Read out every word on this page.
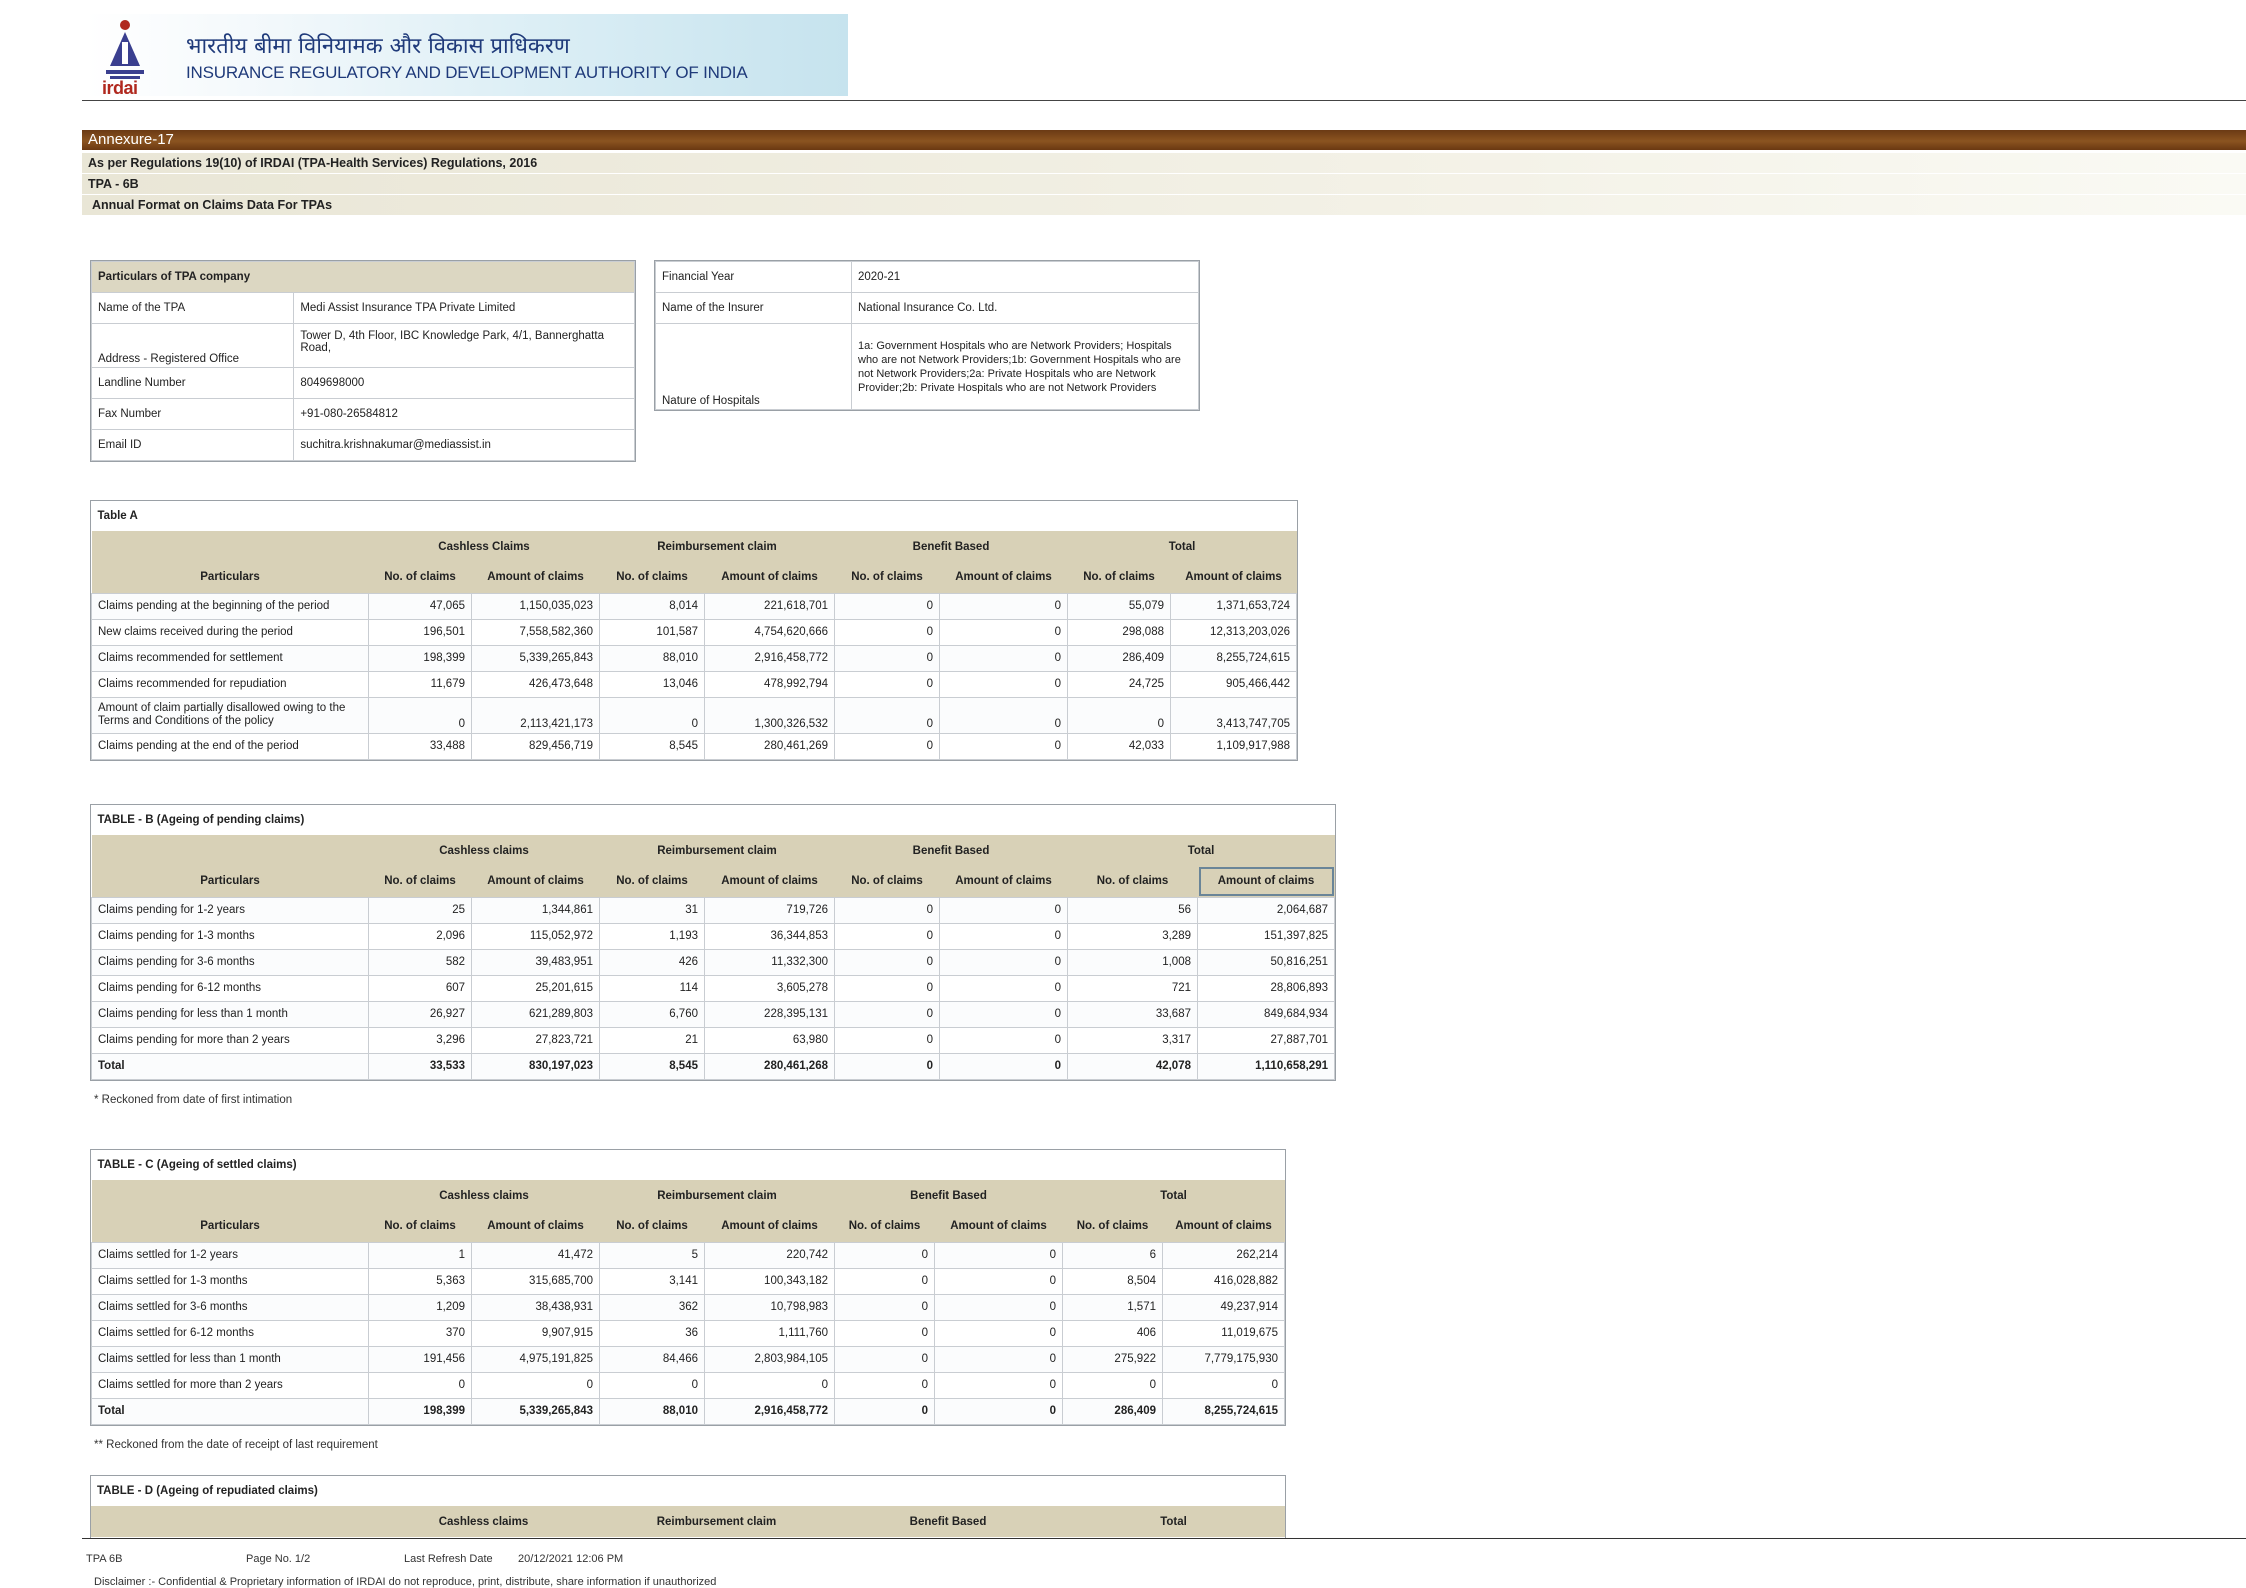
irdai
भारतीय बीमा विनियामक और विकास प्राधिकरण
INSURANCE REGULATORY AND DEVELOPMENT AUTHORITY OF INDIA
Annexure-17
As per Regulations 19(10) of IRDAI (TPA-Health Services) Regulations, 2016
TPA - 6B
Annual Format on Claims Data For TPAs
Particulars of TPA company	
Name of the TPA	Medi Assist Insurance TPA Private Limited
Address - Registered Office	Tower D, 4th Floor, IBC Knowledge Park, 4/1, Bannerghatta Road,
Landline Number	8049698000
Fax Number	+91-080-26584812
Email ID	suchitra.krishnakumar@mediassist.in
Financial Year	2020-21
Name of the Insurer	National Insurance Co. Ltd.
Nature of Hospitals	1a: Government Hospitals who are Network Providers; Hospitals who are not Network Providers;1b: Government Hospitals who are not Network Providers;2a: Private Hospitals who are Network Provider;2b: Private Hospitals who are not Network Providers
Table A								
	Cashless Claims		Reimbursement claim		Benefit Based		Total	
Particulars	No. of claims	Amount of claims	No. of claims	Amount of claims	No. of claims	Amount of claims	No. of claims	Amount of claims
Claims pending at the beginning of the period	47,065	1,150,035,023	8,014	221,618,701	0	0	55,079	1,371,653,724
New claims received during the period	196,501	7,558,582,360	101,587	4,754,620,666	0	0	298,088	12,313,203,026
Claims recommended for settlement	198,399	5,339,265,843	88,010	2,916,458,772	0	0	286,409	8,255,724,615
Claims recommended for repudiation	11,679	426,473,648	13,046	478,992,794	0	0	24,725	905,466,442
Amount of claim partially disallowed owing to the Terms and Conditions of the policy	0	2,113,421,173	0	1,300,326,532	0	0	0	3,413,747,705
Claims pending at the end of the period	33,488	829,456,719	8,545	280,461,269	0	0	42,033	1,109,917,988
TABLE - B (Ageing of pending claims)								
	Cashless claims		Reimbursement claim		Benefit Based		Total	
Particulars	No. of claims	Amount of claims	No. of claims	Amount of claims	No. of claims	Amount of claims	No. of claims	Amount of claims
Claims pending for 1-2 years	25	1,344,861	31	719,726	0	0	56	2,064,687
Claims pending for 1-3 months	2,096	115,052,972	1,193	36,344,853	0	0	3,289	151,397,825
Claims pending for 3-6 months	582	39,483,951	426	11,332,300	0	0	1,008	50,816,251
Claims pending for 6-12 months	607	25,201,615	114	3,605,278	0	0	721	28,806,893
Claims pending for less than 1 month	26,927	621,289,803	6,760	228,395,131	0	0	33,687	849,684,934
Claims pending for more than 2 years	3,296	27,823,721	21	63,980	0	0	3,317	27,887,701
Total	33,533	830,197,023	8,545	280,461,268	0	0	42,078	1,110,658,291
* Reckoned from date of first intimation
TABLE - C (Ageing of settled claims)								
	Cashless claims		Reimbursement claim		Benefit Based		Total	
Particulars	No. of claims	Amount of claims	No. of claims	Amount of claims	No. of claims	Amount of claims	No. of claims	Amount of claims
Claims settled for 1-2 years	1	41,472	5	220,742	0	0	6	262,214
Claims settled for 1-3 months	5,363	315,685,700	3,141	100,343,182	0	0	8,504	416,028,882
Claims settled for 3-6 months	1,209	38,438,931	362	10,798,983	0	0	1,571	49,237,914
Claims settled for 6-12 months	370	9,907,915	36	1,111,760	0	0	406	11,019,675
Claims settled for less than 1 month	191,456	4,975,191,825	84,466	2,803,984,105	0	0	275,922	7,779,175,930
Claims settled for more than 2 years	0	0	0	0	0	0	0	0
Total	198,399	5,339,265,843	88,010	2,916,458,772	0	0	286,409	8,255,724,615
** Reckoned from the date of receipt of last requirement
TABLE - D (Ageing of repudiated claims)
	Cashless claims	Reimbursement claim	Benefit Based	Total
TPA 6B	Page No. 1/2	Last Refresh Date 20/12/2021 12:06 PM
Disclaimer :- Confidential & Proprietary information of IRDAI do not reproduce, print, distribute, share information if unauthorized
